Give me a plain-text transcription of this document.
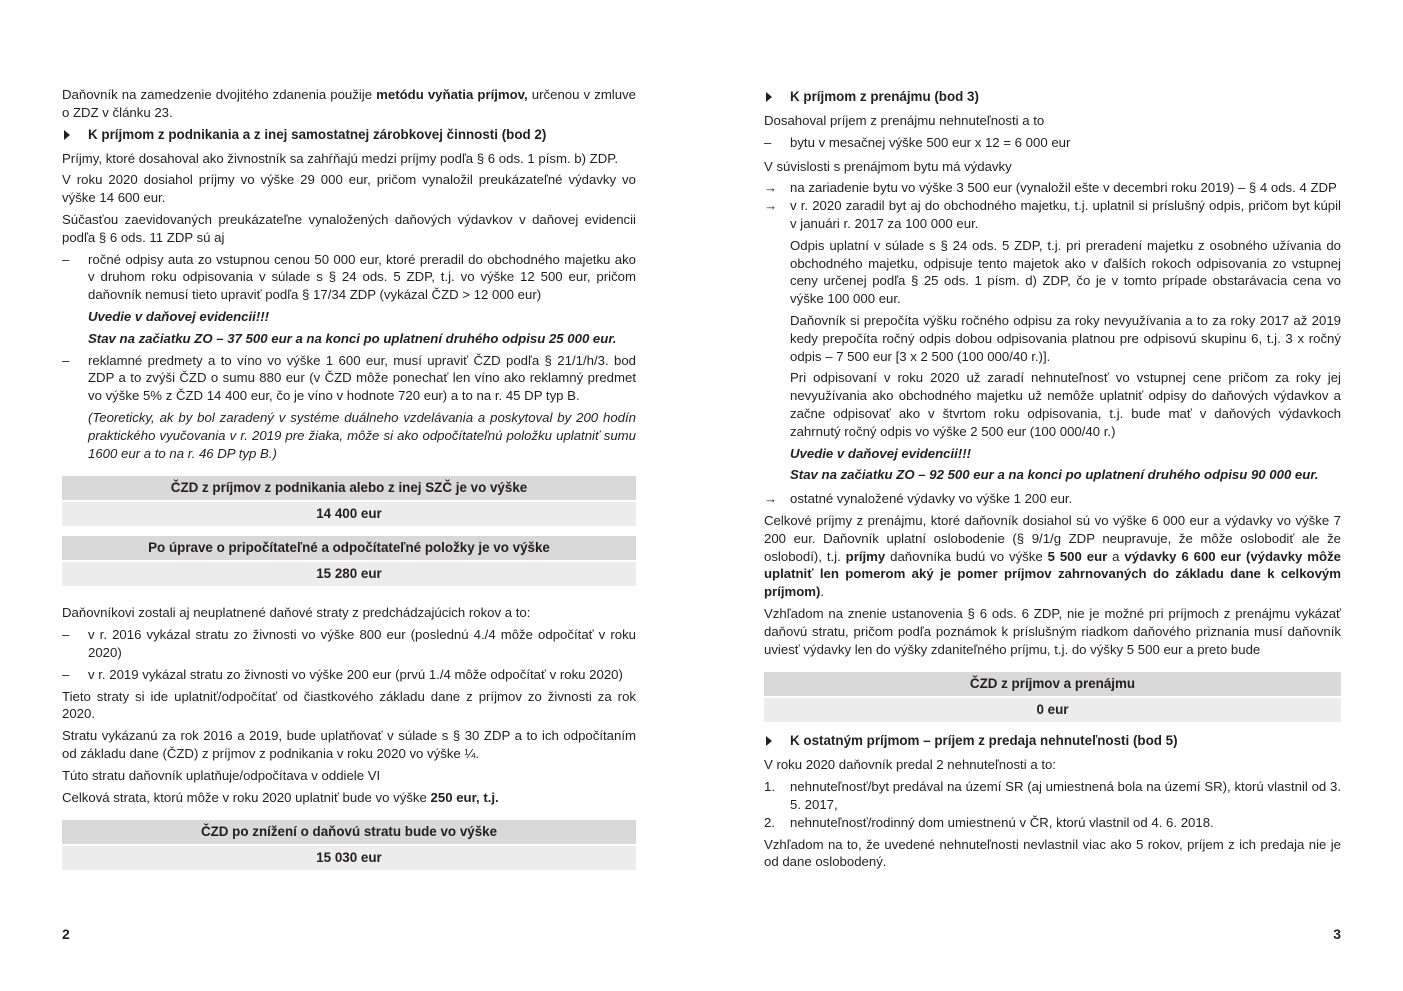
Daňovník na zamedzenie dvojitého zdanenia použije metódu vyňatia príjmov, určenou v zmluve o ZDZ v článku 23.

K príjmom z podnikania a z inej samostatnej zárobkovej činnosti (bod 2)

Príjmy, ktoré dosahoval ako živnostník sa zahŕňajú medzi príjmy podľa § 6 ods. 1 písm. b) ZDP.

V roku 2020 dosiahol príjmy vo výške 29 000 eur, pričom vynaložil preukázateľné výdavky vo výške 14 600 eur.

Súčasťou zaevidovaných preukázateľne vynaložených daňových výdavkov v daňovej evidencii podľa § 6 ods. 11 ZDP sú aj

– ročné odpisy auta zo vstupnou cenou 50 000 eur, ktoré preradil do obchodného majetku ako v druhom roku odpisovania v súlade s § 24 ods. 5 ZDP, t.j. vo výške 12 500 eur, pričom daňovník nemusí tieto upraviť podľa § 17/34 ZDP (vykázal ČZD > 12 000 eur)

Uvedie v daňovej evidencii!!!

Stav na začiatku ZO – 37 500 eur a na konci po uplatnení druhého odpisu 25 000 eur.

– reklamné predmety a to víno vo výške 1 600 eur, musí upraviť ČZD podľa § 21/1/h/3. bod ZDP a to zvýši ČZD o sumu 880 eur (v ČZD môže ponechať len víno ako reklamný predmet vo výške 5% z ČZD 14 400 eur, čo je víno v hodnote 720 eur) a to na r. 45 DP typ B.

(Teoreticky, ak by bol zaradený v systéme duálneho vzdelávania a poskytoval by 200 hodín praktického vyučovania v r. 2019 pre žiaka, môže si ako odpočítateľnú položku uplatniť sumu 1600 eur a to na r. 46 DP typ B.)

ČZD z príjmov z podnikania alebo z inej SZČ je vo výške
14 400 eur
Po úprave o pripočítateľné a odpočítateľné položky je vo výške
15 280 eur

Daňovníkovi zostali aj neuplatnené daňové straty z predchádzajúcich rokov a to:

– v r. 2016 vykázal stratu zo živnosti vo výške 800 eur (poslednú 4./4 môže odpočítať v roku 2020)
– v r. 2019 vykázal stratu zo živnosti vo výške 200 eur (prvú 1./4 môže odpočítať v roku 2020)

Tieto straty si ide uplatniť/odpočítať od čiastkového základu dane z príjmov zo živnosti za rok 2020.

Stratu vykázanú za rok 2016 a 2019, bude uplatňovať v súlade s § 30 ZDP a to ich odpočítaním od základu dane (ČZD) z príjmov z podnikania v roku 2020 vo výške ¼.

Túto stratu daňovník uplatňuje/odpočítava v oddiele VI

Celková strata, ktorú môže v roku 2020 uplatniť bude vo výške 250 eur, t.j.

ČZD po znížení o daňovú stratu bude vo výške
15 030 eur
2
K príjmom z prenájmu (bod 3)

Dosahoval príjem z prenájmu nehnuteľnosti a to

– bytu v mesačnej výške 500 eur x 12 = 6 000 eur

V súvislosti s prenájmom bytu má výdavky

→ na zariadenie bytu vo výške 3 500 eur (vynaložil ešte v decembri roku 2019) – § 4 ods. 4 ZDP
→ v r. 2020 zaradil byt aj do obchodného majetku, t.j. uplatnil si príslušný odpis, pričom byt kúpil v januári r. 2017 za 100 000 eur.

Odpis uplatní v súlade s § 24 ods. 5 ZDP, t.j. pri preradení majetku z osobného užívania do obchodného majetku, odpisuje tento majetok ako v ďalších rokoch odpisovania zo vstupnej ceny určenej podľa § 25 ods. 1 písm. d) ZDP, čo je v tomto prípade obstarávacia cena vo výške 100 000 eur.

Daňovník si prepočíta výšku ročného odpisu za roky nevyužívania a to za roky 2017 až 2019 kedy prepočíta ročný odpis dobou odpisovania platnou pre odpisovú skupinu 6, t.j. 3 x ročný odpis – 7 500 eur [3 x 2 500 (100 000/40 r.)].

Pri odpisovaní v roku 2020 už zaradí nehnuteľnosť vo vstupnej cene pričom za roky jej nevyužívania ako obchodného majetku už nemôže uplatniť odpisy do daňových výdavkov a začne odpisovať ako v štvrtom roku odpisovania, t.j. bude mať v daňových výdavkoch zahrnutý ročný odpis vo výške 2 500 eur (100 000/40 r.)

Uvedie v daňovej evidencii!!!

Stav na začiatku ZO – 92 500 eur a na konci po uplatnení druhého odpisu 90 000 eur.

→ ostatné vynaložené výdavky vo výške 1 200 eur.

Celkové príjmy z prenájmu, ktoré daňovník dosiahol sú vo výške 6 000 eur a výdavky vo výške 7 200 eur. Daňovník uplatní oslobodenie (§ 9/1/g ZDP neupravuje, že môže oslobodiť ale že oslobodí), t.j. príjmy daňovníka budú vo výške 5 500 eur a výdavky 6 600 eur (výdavky môže uplatniť len pomerom aký je pomer príjmov zahrnovaných do základu dane k celkovým príjmom).

Vzhľadom na znenie ustanovenia § 6 ods. 6 ZDP, nie je možné pri príjmoch z prenájmu vykázať daňovú stratu, pričom podľa poznámok k príslušným riadkom daňového priznania musí daňovník uviesť výdavky len do výšky zdaniteľného príjmu, t.j. do výšky 5 500 eur a preto bude

ČZD z príjmov a prenájmu
0 eur
K ostatným príjmom – príjem z predaja nehnuteľnosti (bod 5)

V roku 2020 daňovník predal 2 nehnuteľnosti a to:

1. nehnuteľnosť/byt predával na území SR (aj umiestnená bola na území SR), ktorú vlastnil od 3. 5. 2017,
2. nehnuteľnosť/rodinný dom umiestnenú v ČR, ktorú vlastnil od 4. 6. 2018.

Vzhľadom na to, že uvedené nehnuteľnosti nevlastnil viac ako 5 rokov, príjem z ich predaja nie je od dane oslobodený.

3
